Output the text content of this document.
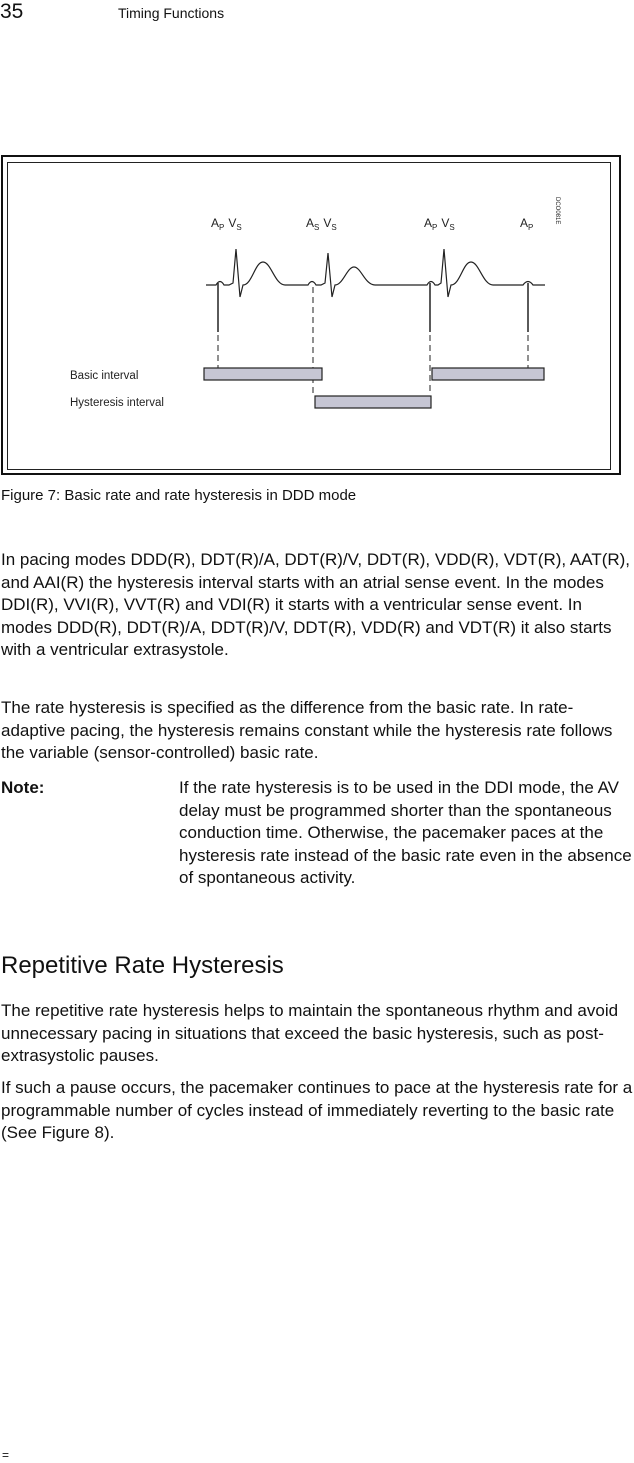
35	Timing Functions
$A_P$ $V_S$	$A_S$ $V_S$	$A_P$ $V_S$	$A_P$
DCO081E
Basic interval
Hysteresis interval
Figure 7: Basic rate and rate hysteresis in DDD mode
In pacing modes DDD(R), DDT(R)/A, DDT(R)/V, DDT(R), VDD(R), VDT(R), AAT(R), and AAI(R) the hysteresis interval starts with an atrial sense event. In the modes DDI(R), VVI(R), VVT(R) and VDI(R) it starts with a ventricular sense event. In modes DDD(R), DDT(R)/A, DDT(R)/V, DDT(R), VDD(R) and VDT(R) it also starts with a ventricular extrasystole.
The rate hysteresis is specified as the difference from the basic rate. In rate-adaptive pacing, the hysteresis remains constant while the hysteresis rate follows the variable (sensor-controlled) basic rate.
Note:	If the rate hysteresis is to be used in the DDI mode, the AV delay must be programmed shorter than the spontaneous conduction time. Otherwise, the pacemaker paces at the hysteresis rate instead of the basic rate even in the absence of spontaneous activity.
Repetitive Rate Hysteresis
The repetitive rate hysteresis helps to maintain the spontaneous rhythm and avoid unnecessary pacing in situations that exceed the basic hysteresis, such as post-extrasystolic pauses.
If such a pause occurs, the pacemaker continues to pace at the hysteresis rate for a programmable number of cycles instead of immediately reverting to the basic rate (See Figure 8).
=
